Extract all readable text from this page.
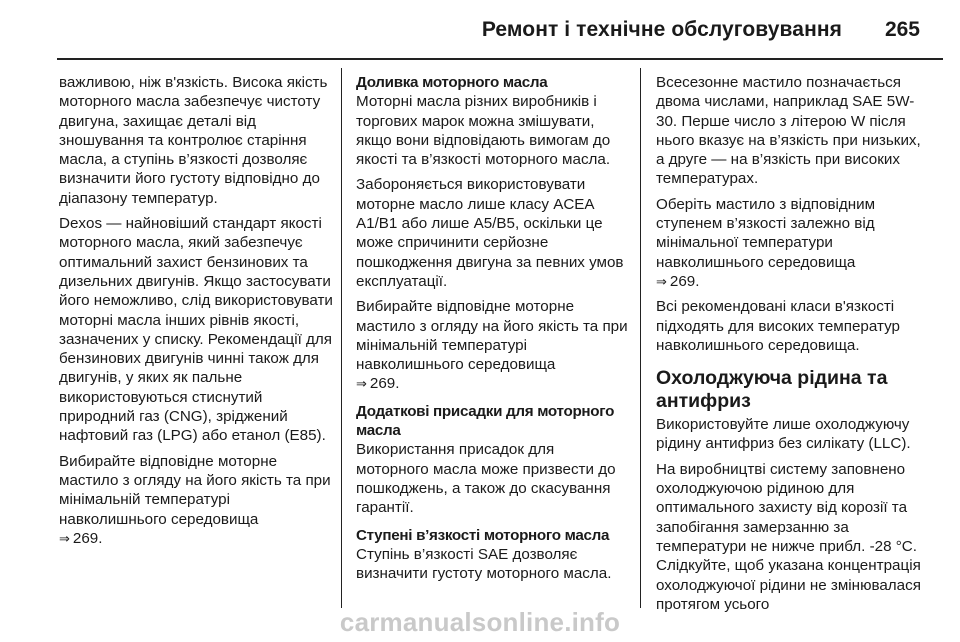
Ремонт і технічне обслуговування 265

важливою, ніж в'язкість. Висока якість моторного масла забезпечує чистоту двигуна, захищає деталі від зношування та контролює старіння масла, а ступінь в’язкості дозволяє визначити його густоту відповідно до діапазону температур.

Dexos — найновіший стандарт якості моторного масла, який забезпечує оптимальний захист бензинових та дизельних двигунів. Якщо застосувати його неможливо, слід використовувати моторні масла інших рівнів якості, зазначених у списку. Рекомендації для бензинових двигунів чинні також для двигунів, у яких як пальне використовуються стиснутий природний газ (CNG), зріджений нафтовий газ (LPG) або етанол (E85).

Вибирайте відповідне моторне мастило з огляду на його якість та при мінімальній температурі навколишнього середовища
⇒ 269.

Доливка моторного масла

Моторні масла різних виробників і торгових марок можна змішувати, якщо вони відповідають вимогам до якості та в’язкості моторного масла.

Забороняється використовувати моторне масло лише класу ACEA A1/B1 або лише A5/B5, оскільки це може спричинити серйозне пошкодження двигуна за певних умов експлуатації.

Вибирайте відповідне моторне мастило з огляду на його якість та при мінімальній температурі навколишнього середовища
⇒ 269.

Додаткові присадки для моторного масла

Використання присадок для моторного масла може призвести до пошкоджень, а також до скасування гарантії.

Ступені в’язкості моторного масла

Ступінь в’язкості SAE дозволяє визначити густоту моторного масла.

Всесезонне мастило позначається двома числами, наприклад SAE 5W-30. Перше число з літерою W після нього вказує на в’язкість при низьких, а друге — на в’язкість при високих температурах.

Оберіть мастило з відповідним ступенем в’язкості залежно від мінімальної температури навколишнього середовища
⇒ 269.

Всі рекомендовані класи в'язкості підходять для високих температур навколишнього середовища.

Охолоджуюча рідина та антифриз

Використовуйте лише охолоджуючу рідину антифриз без силікату (LLC).

На виробництві систему заповнено охолоджуючою рідиною для оптимального захисту від корозії та запобігання замерзанню за температури не нижче прибл. -28 °C. Слідкуйте, щоб указана концентрація охолоджуючої рідини не змінювалася протягом усього

carmanualsonline.info
